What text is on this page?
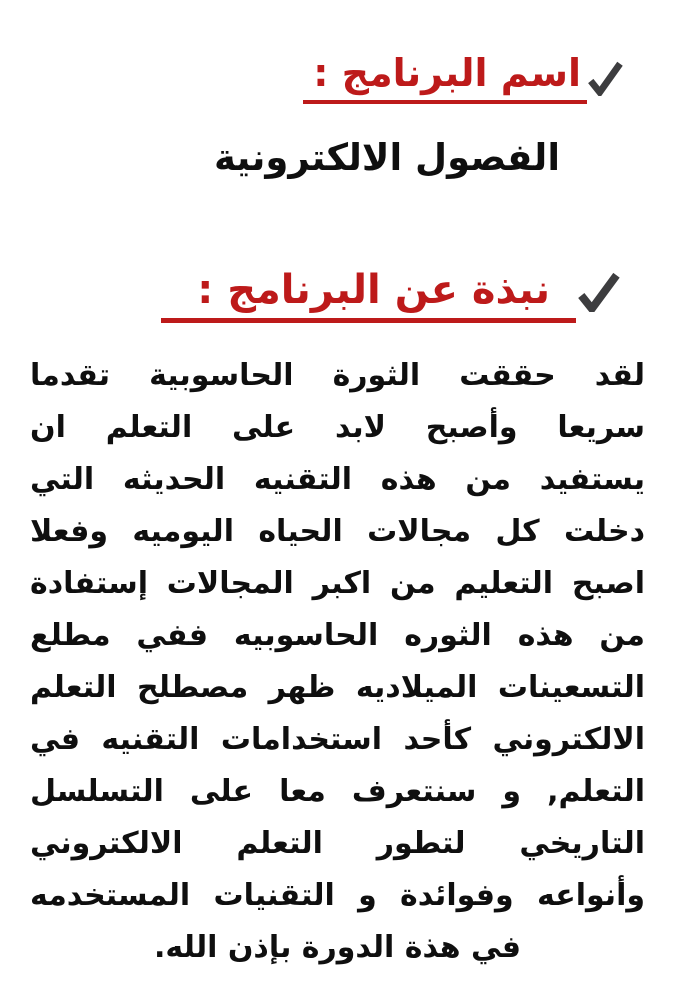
اسم البرنامج :
الفصول الالكترونية
نبذة عن البرنامج :
لقد حققت الثورة الحاسوبية تقدما
سريعا وأصبح لابد على التعلم ان
يستفيد من هذه التقنيه الحديثه التي
دخلت كل مجالات الحياه اليوميه وفعلا
اصبح التعليم من اكبر المجالات إستفادة
من هذه الثوره الحاسوبيه ففي مطلع
التسعينات الميلاديه ظهر مصطلح التعلم
الالكتروني كأحد استخدامات التقنيه في
التعلم, و سنتعرف معا على التسلسل
التاريخي لتطور التعلم الالكتروني
وأنواعه وفوائدة و التقنيات المستخدمه
في هذة الدورة بإذن الله.
